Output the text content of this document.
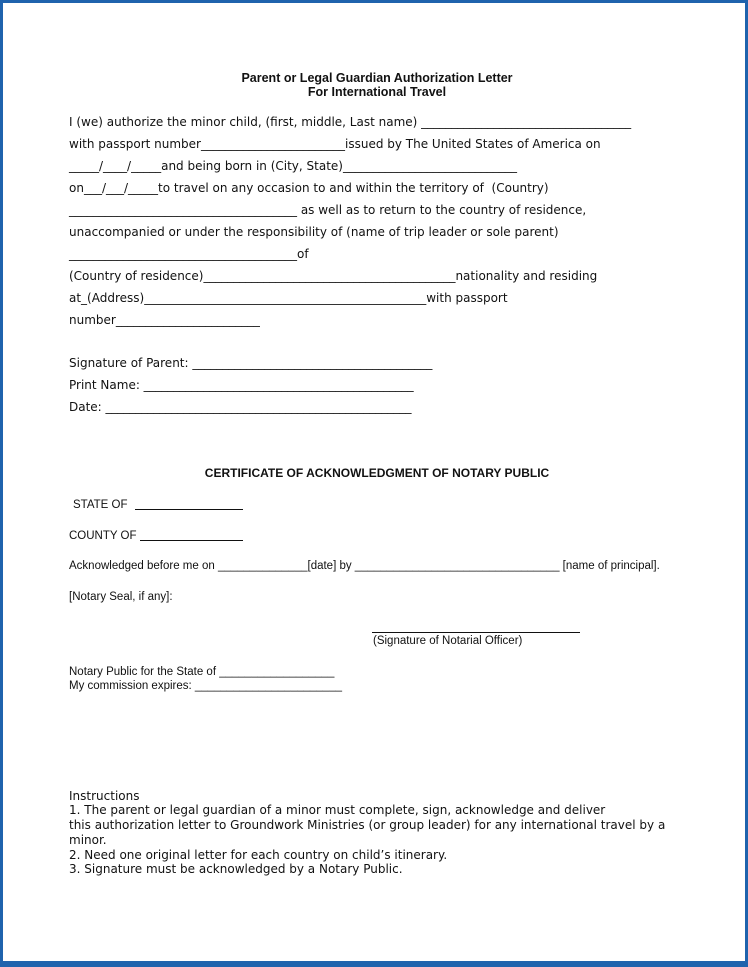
Parent or Legal Guardian Authorization Letter
For International Travel
I (we) authorize the minor child, (first, middle, Last name) ___________________________________
with passport number________________________issued by The United States of America on
_____/____/_____and being born in (City, State)_____________________________
on___/___/_____to travel on any occasion to and within the territory of  (Country)
______________________________________ as well as to return to the country of residence,
unaccompanied or under the responsibility of (name of trip leader or sole parent)
______________________________________of
(Country of residence)__________________________________________nationality and residing
at_(Address)_______________________________________________with passport
number________________________
Signature of Parent: ________________________________________
Print Name: _____________________________________________
Date: ___________________________________________________
CERTIFICATE OF ACKNOWLEDGMENT OF NOTARY PUBLIC
STATE OF
COUNTY OF
Acknowledged before me on ______________[date] by ________________________________ [name of principal].
[Notary Seal, if any]:
(Signature of Notarial Officer)
Notary Public for the State of __________________
My commission expires: _______________________
Instructions
1. The parent or legal guardian of a minor must complete, sign, acknowledge and deliver
this authorization letter to Groundwork Ministries (or group leader) for any international travel by a
minor.
2. Need one original letter for each country on child’s itinerary.
3. Signature must be acknowledged by a Notary Public.
